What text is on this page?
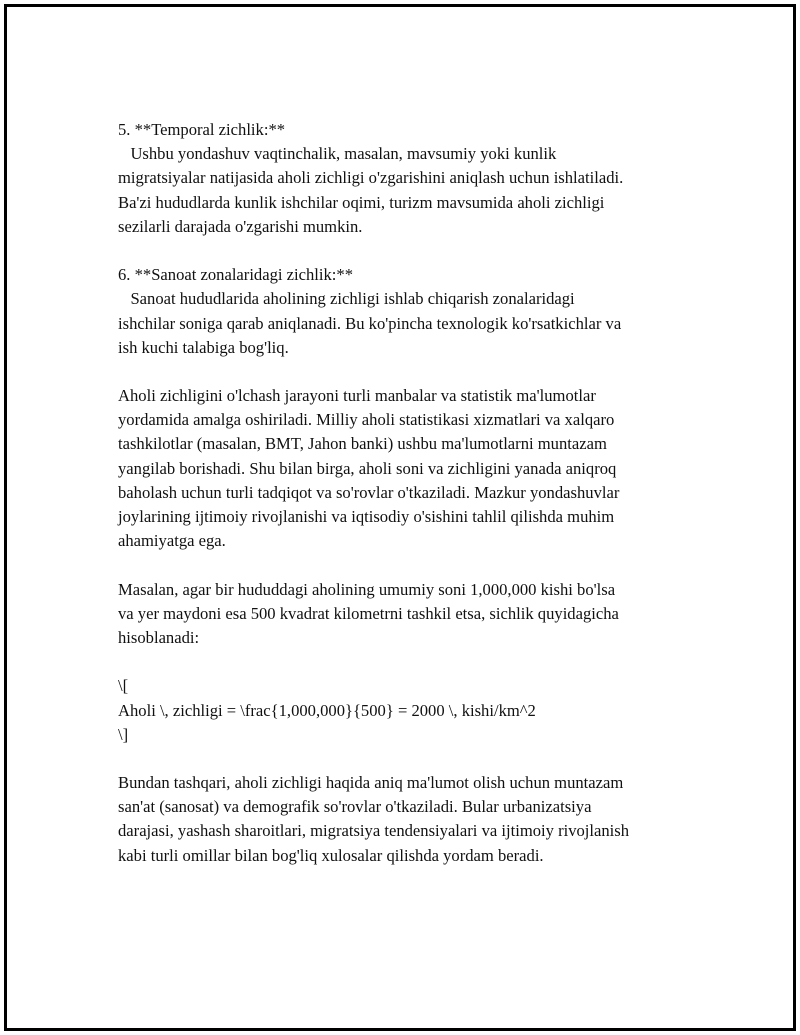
5. **Temporal zichlik:**
Ushbu yondashuv vaqtinchalik, masalan, mavsumiy yoki kunlik
migratsiyalar natijasida aholi zichligi o'zgarishini aniqlash uchun ishlatiladi.
Ba'zi hududlarda kunlik ishchilar oqimi, turizm mavsumida aholi zichligi
sezilarli darajada o'zgarishi mumkin.
6. **Sanoat zonalaridagi zichlik:**
Sanoat hududlarida aholining zichligi ishlab chiqarish zonalaridagi
ishchilar soniga qarab aniqlanadi. Bu ko'pincha texnologik ko'rsatkichlar va
ish kuchi talabiga bog'liq.
Aholi zichligini o'lchash jarayoni turli manbalar va statistik ma'lumotlar
yordamida amalga oshiriladi. Milliy aholi statistikasi xizmatlari va xalqaro
tashkilotlar (masalan, BMT, Jahon banki) ushbu ma'lumotlarni muntazam
yangilab borishadi. Shu bilan birga, aholi soni va zichligini yanada aniqroq
baholash uchun turli tadqiqot va so'rovlar o'tkaziladi. Mazkur yondashuvlar
joylarining ijtimoiy rivojlanishi va iqtisodiy o'sishini tahlil qilishda muhim
ahamiyatga ega.
Masalan, agar bir hududdagi aholining umumiy soni 1,000,000 kishi bo'lsa
va yer maydoni esa 500 kvadrat kilometrni tashkil etsa, sichlik quyidagicha
hisoblanadi:
\[
Aholi \, zichligi = \frac{1,000,000}{500} = 2000 \, kishi/km^2
\]
Bundan tashqari, aholi zichligi haqida aniq ma'lumot olish uchun muntazam
san'at (sanosat) va demografik so'rovlar o'tkaziladi. Bular urbanizatsiya
darajasi, yashash sharoitlari, migratsiya tendensiyalari va ijtimoiy rivojlanish
kabi turli omillar bilan bog'liq xulosalar qilishda yordam beradi.
